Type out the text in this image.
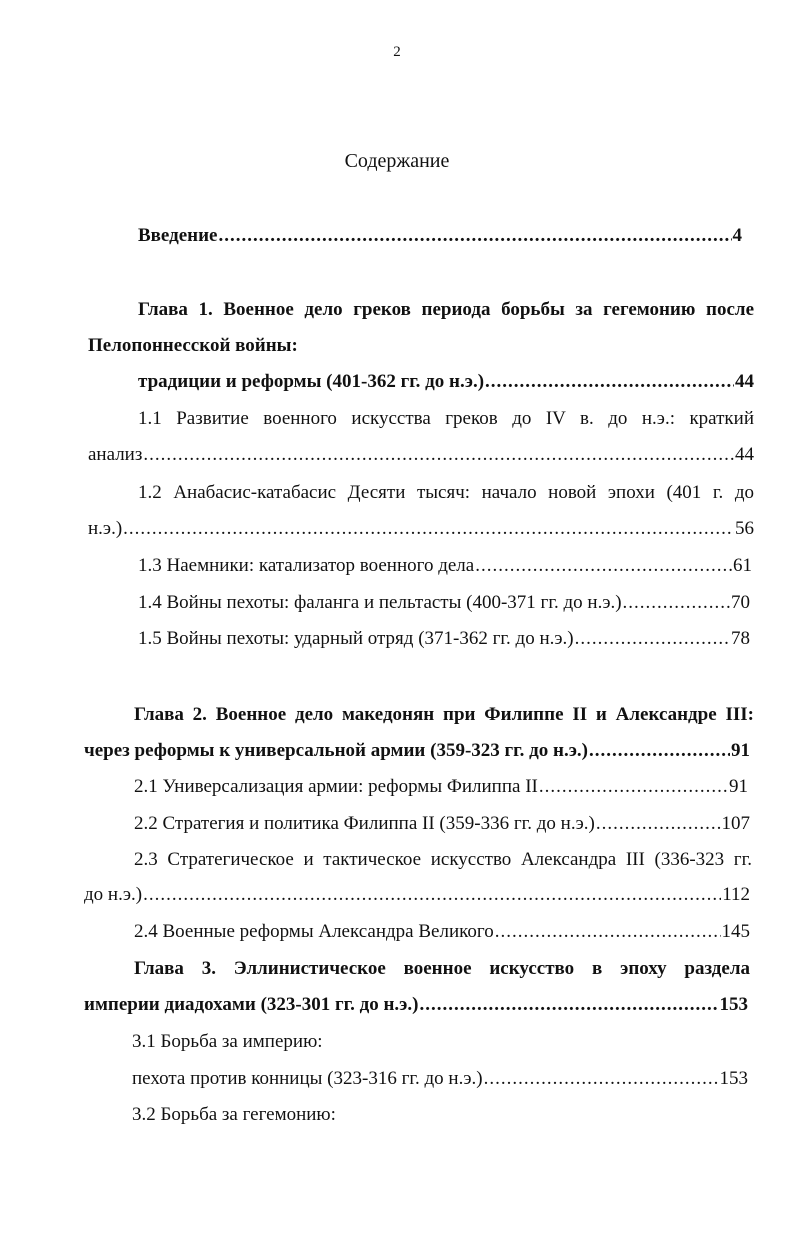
2
Содержание
Введение .....	4
Глава 1. Военное дело греков периода борьбы за гегемонию после
Пелопоннесской войны:
традиции и реформы (401-362 гг. до н.э.) .....	44
1.1 Развитие военного искусства греков до IV в. до н.э.: краткий
анализ .....	44
1.2 Анабасис-катабасис Десяти тысяч: начало новой эпохи (401 г. до
н.э.) .....	56
1.3 Наемники: катализатор военного дела .....	61
1.4 Войны пехоты: фаланга и пельтасты (400-371 гг. до н.э.) .....	70
1.5 Войны пехоты: ударный отряд (371-362 гг. до н.э.) .....	78
Глава 2. Военное дело македонян при Филиппе II и Александре III:
через реформы к универсальной армии (359-323 гг. до н.э.) .....	91
2.1 Универсализация армии: реформы Филиппа II .....	91
2.2 Стратегия и политика Филиппа II (359-336 гг. до н.э.) .....	107
2.3 Стратегическое и тактическое искусство Александра III (336-323 гг.
до н.э.) .....	112
2.4 Военные реформы Александра Великого .....	145
Глава 3. Эллинистическое военное искусство в эпоху раздела
империи диадохами (323-301 гг. до н.э.) .....	153
3.1 Борьба за империю:
пехота против конницы (323-316 гг. до н.э.) .....	153
3.2 Борьба за гегемонию:
